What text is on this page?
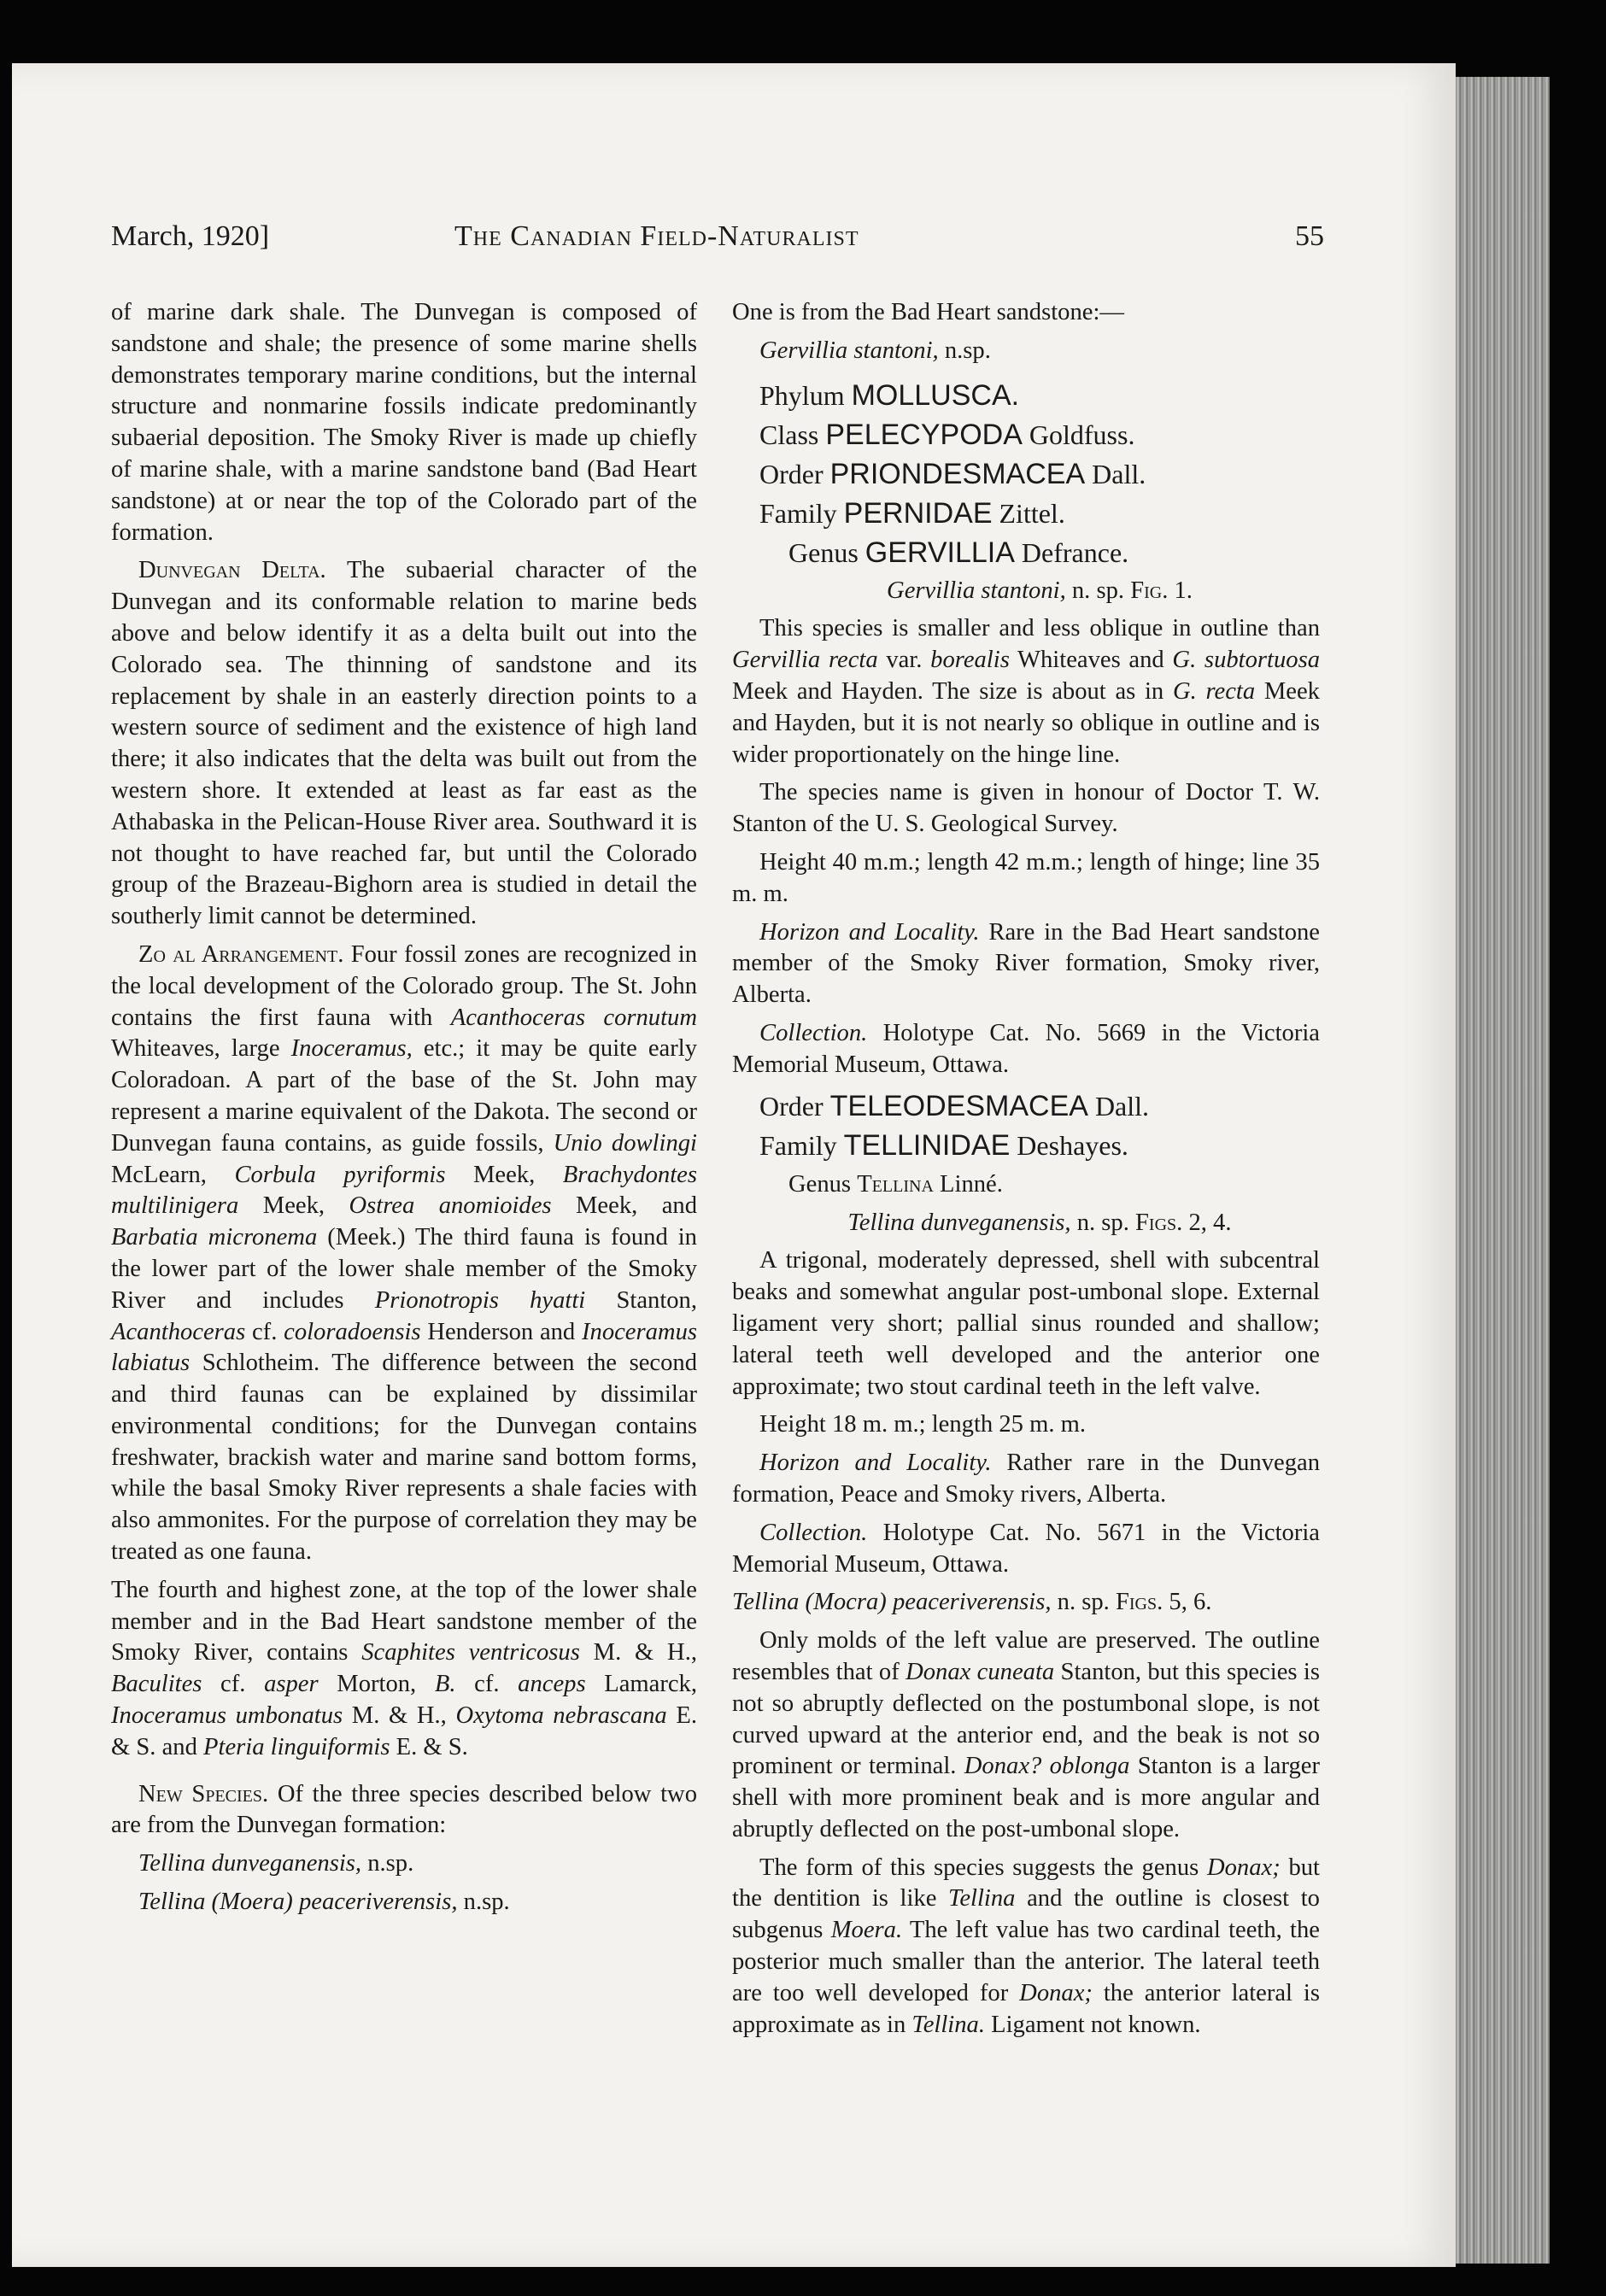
March, 1920]	The Canadian Field-Naturalist	55

of marine dark shale. The Dunvegan is composed of sandstone and shale; the presence of some marine shells demonstrates temporary marine conditions, but the internal structure and nonmarine fossils indicate predominantly subaerial deposition. The Smoky River is made up chiefly of marine shale, with a marine sandstone band (Bad Heart sandstone) at or near the top of the Colorado part of the formation.

Dunvegan Delta. The subaerial character of the Dunvegan and its conformable relation to marine beds above and below identify it as a delta built out into the Colorado sea. The thinning of sandstone and its replacement by shale in an easterly direction points to a western source of sediment and the existence of high land there; it also indicates that the delta was built out from the western shore. It extended at least as far east as the Athabaska in the Pelican-House River area. Southward it is not thought to have reached far, but until the Colorado group of the Brazeau-Bighorn area is studied in detail the southerly limit cannot be determined.

Zo al Arrangement. Four fossil zones are recognized in the local development of the Colorado group. The St. John contains the first fauna with Acanthoceras cornutum Whiteaves, large Inoceramus, etc.; it may be quite early Coloradoan. A part of the base of the St. John may represent a marine equivalent of the Dakota. The second or Dunvegan fauna contains, as guide fossils, Unio dowlingi McLearn, Corbula pyriformis Meek, Brachydontes multilinigera Meek, Ostrea anomioides Meek, and Barbatia micronema (Meek.) The third fauna is found in the lower part of the lower shale member of the Smoky River and includes Prionotropis hyatti Stanton, Acanthoceras cf. coloradoensis Henderson and Inoceramus labiatus Schlotheim. The difference between the second and third faunas can be explained by dissimilar environmental conditions; for the Dunvegan contains freshwater, brackish water and marine sand bottom forms, while the basal Smoky River represents a shale facies with also ammonites. For the purpose of correlation they may be treated as one fauna.

The fourth and highest zone, at the top of the lower shale member and in the Bad Heart sandstone member of the Smoky River, contains Scaphites ventricosus M. & H., Baculites cf. asper Morton, B. cf. anceps Lamarck, Inoceramus umbonatus M. & H., Oxytoma nebrascana E. & S. and Pteria linguiformis E. & S.

New Species. Of the three species described below two are from the Dunvegan formation:

Tellina dunveganensis, n.sp.

Tellina (Moera) peaceriverensis, n.sp.

One is from the Bad Heart sandstone:—

Gervillia stantoni, n.sp.

Phylum MOLLUSCA.

Class PELECYPODA Goldfuss.

Order PRIONDESMACEA Dall.

Family PERNIDAE Zittel.

Genus GERVILLIA Defrance.

Gervillia stantoni, n. sp. Fig. 1.

This species is smaller and less oblique in outline than Gervillia recta var. borealis Whiteaves and G. subtortuosa Meek and Hayden. The size is about as in G. recta Meek and Hayden, but it is not nearly so oblique in outline and is wider proportionately on the hinge line.

The species name is given in honour of Doctor T. W. Stanton of the U. S. Geological Survey.

Height 40 m.m.; length 42 m.m.; length of hinge; line 35 m. m.

Horizon and Locality. Rare in the Bad Heart sandstone member of the Smoky River formation, Smoky river, Alberta.

Collection. Holotype Cat. No. 5669 in the Victoria Memorial Museum, Ottawa.

Order TELEODESMACEA Dall.

Family TELLINIDAE Deshayes.

Genus Tellina Linné.

Tellina dunveganensis, n. sp. Figs. 2, 4.

A trigonal, moderately depressed, shell with subcentral beaks and somewhat angular post-umbonal slope. External ligament very short; pallial sinus rounded and shallow; lateral teeth well developed and the anterior one approximate; two stout cardinal teeth in the left valve.

Height 18 m. m.; length 25 m. m.

Horizon and Locality. Rather rare in the Dunvegan formation, Peace and Smoky rivers, Alberta.

Collection. Holotype Cat. No. 5671 in the Victoria Memorial Museum, Ottawa.

Tellina (Mocra) peaceriverensis, n. sp. Figs. 5, 6.

Only molds of the left value are preserved. The outline resembles that of Donax cuneata Stanton, but this species is not so abruptly deflected on the postumbonal slope, is not curved upward at the anterior end, and the beak is not so prominent or terminal. Donax? oblonga Stanton is a larger shell with more prominent beak and is more angular and abruptly deflected on the post-umbonal slope.

The form of this species suggests the genus Donax; but the dentition is like Tellina and the outline is closest to subgenus Moera. The left value has two cardinal teeth, the posterior much smaller than the anterior. The lateral teeth are too well developed for Donax; the anterior lateral is approximate as in Tellina. Ligament not known.
